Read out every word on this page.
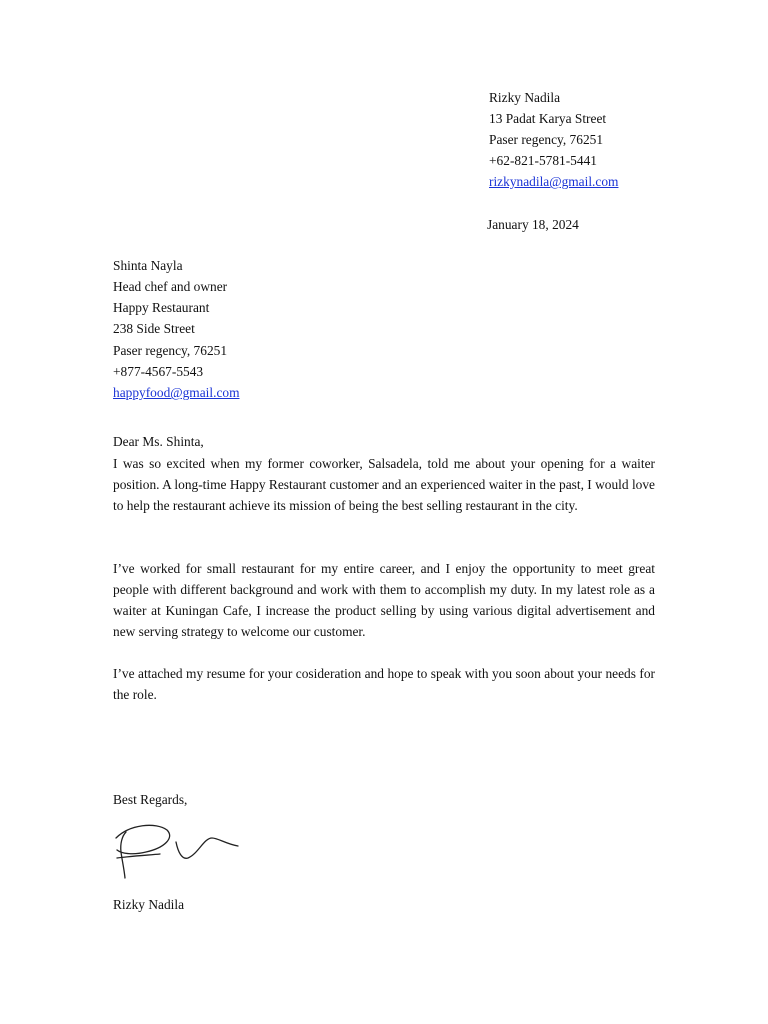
Rizky Nadila
13 Padat Karya Street
Paser regency, 76251
+62-821-5781-5441
rizkynadila@gmail.com
January 18, 2024
Shinta Nayla
Head chef and owner
Happy Restaurant
238 Side Street
Paser regency, 76251
+877-4567-5543
happyfood@gmail.com
Dear Ms. Shinta,
I was so excited when my former coworker, Salsadela, told me about your opening for a waiter position. A long-time Happy Restaurant customer and an experienced waiter in the past, I would love to help the restaurant achieve its mission of being the best selling restaurant in the city.
I’ve worked for small restaurant for my entire career, and I enjoy the opportunity to meet great people with different background and work with them to accomplish my duty. In my latest role as a waiter at Kuningan Cafe, I increase the product selling by using various digital advertisement and new serving strategy to welcome our customer.
I’ve attached my resume for your cosideration and hope to speak with you soon about your needs for the role.
Best Regards,
Rizky Nadila
